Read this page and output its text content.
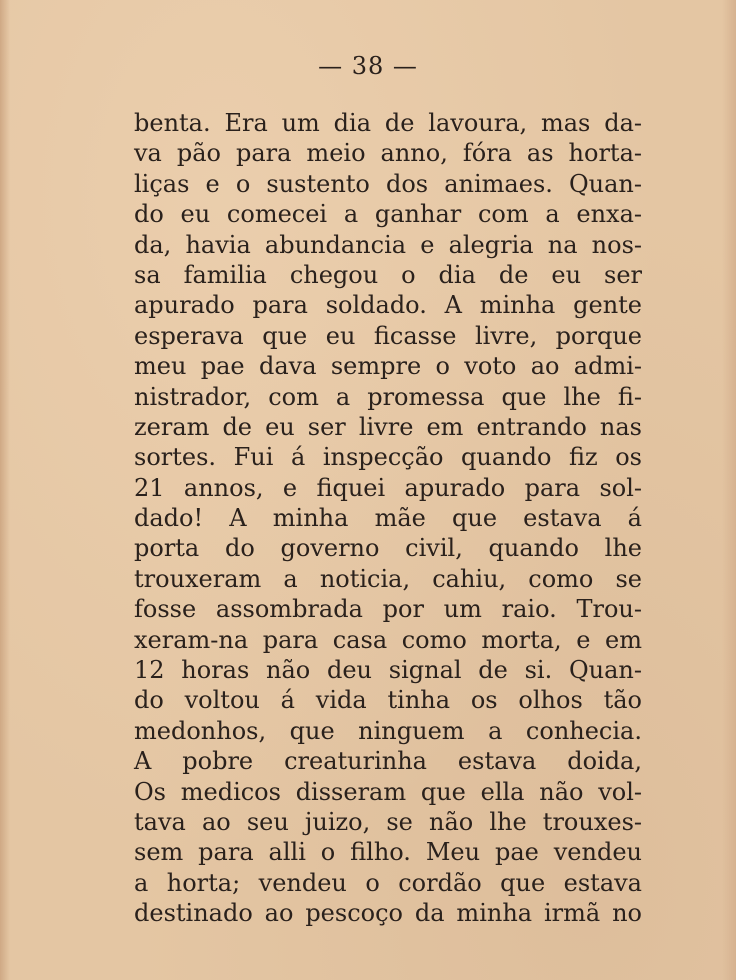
— 38 —
benta. Era um dia de lavoura, mas da-
va pão para meio anno, fóra as horta-
liças e o sustento dos animaes. Quan-
do eu comecei a ganhar com a enxa-
da, havia abundancia e alegria na nos-
sa familia chegou o dia de eu ser
apurado para soldado. A minha gente
esperava que eu ficasse livre, porque
meu pae dava sempre o voto ao admi-
nistrador, com a promessa que lhe fi-
zeram de eu ser livre em entrando nas
sortes. Fui á inspecção quando fiz os
21 annos, e fiquei apurado para sol-
dado! A minha mãe que estava á
porta do governo civil, quando lhe
trouxeram a noticia, cahiu, como se
fosse assombrada por um raio. Trou-
xeram-na para casa como morta, e em
12 horas não deu signal de si. Quan-
do voltou á vida tinha os olhos tão
medonhos, que ninguem a conhecia.
A pobre creaturinha estava doida,
Os medicos disseram que ella não vol-
tava ao seu juizo, se não lhe trouxes-
sem para alli o filho. Meu pae vendeu
a horta; vendeu o cordão que estava
destinado ao pescoço da minha irmã no
